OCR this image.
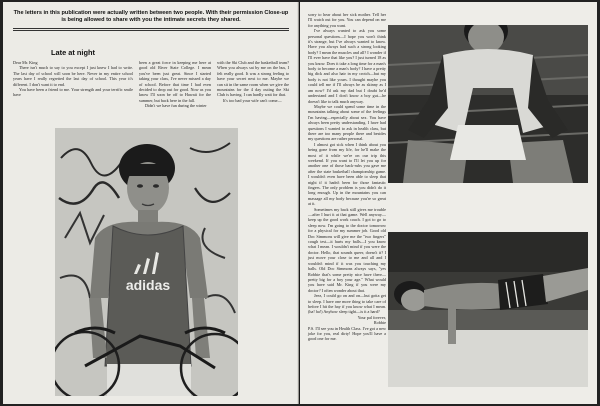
The letters in this publication were actually written between two people. With their permission Close-up is being allowed to share with you the intimate secrets they shared.
Late at night

Dear Mr. King

There isn't much to say to you except I just knew I had to write. The last day of school will soon be here. Never in my entire school years have I really regretted the last day of school. This year it's different. I don't want it to end.

You have been a friend to me. Your strength and your terrific smile have

been a great force in keeping me here at good old River State College. I mean you've been just great. Since I started taking your class, I've never missed a day of school. Before that time I had even decided to drop out for good. Now as you know I'll soon be off to Hawaii for the summer, but back here in the fall.

Didn't we have fun during the winter

with the Ski Club and the basketball team? When you always sat by me on the bus, I felt really good. It was a strong feeling to have your secret next to me. Maybe we can sit in the same room when we give the mountains for the 4 day outing the Ski Club is having. I can hardly wait for that.

It's too bad your wife can't come—

adidas

sorry to hear about her sick mother. Tell her I'll watch out for you. You can depend on me for anything you want.

I've always wanted to ask you some personal questions—I hope you won't think it's strange, but I've always wanted to know. Have you always had such a strong looking body? I mean the muscles and all? I wonder if I'll ever have that like you? I just turned 18 as you know. Does it take a long time for a man's body to become a man's body? I have a pretty big dick and also hair in my crotch—but my body is not like yours. I thought maybe you could tell me if I'll always be as skinny as I am now? I'd ask my dad but I doubt he'd understand and I don't know a boy gut—he doesn't like to talk much anyway.

Maybe we could spend some time in the mountains talking about some of the feelings I'm having—especially about sex. You have always been pretty understanding. I have had questions I wanted to ask in health class, but there are too many people there and besides my questions are rather personal.

I almost got sick when I think about you being gone from my life, for he'll make the most of it while we're on our trip this weekend. If you want to I'll let you up for another one of those back-rubs you gave me after the state basketball championship game. I wouldn't even have been able to sleep that night if it hadn't been for those fantastic fingers. The only problem is you didn't do it long enough. Up in the mountains you can massage all my body because you're so great at it.

Sometimes my back still gives me trouble—after I hurt it at that game. Well anyway—keep up the good work coach. I got to go to sleep now. I'm going to the doctor tomorrow for a physical for my summer job. Good old Doc Simmons will give me the "two fingers" cough test—it hurts my balls—I you know what I mean. I wouldn't mind if you were the doctor. Hello, that sounds queer, doesn't it? I just move your close to me and all and I wouldn't mind if it was you touching my balls. Old Doc Simmons always says, "yes Robbie that's some pretty nice have there—pretty big for a boy your age." What would you have said Mr. King if you were my doctor? I often wonder about that.

Jeez, I could go on and on—but gotta get to sleep. I have one more thing to take care of before I hit the hay if you know what I mean. (ha! ha!) Anyhow sleep tight—is it a hard?

Your pal forever,

Robbie

P.S. I'll see you in Health Class. I've got a new joke for you, real dirty! Hope you'll have a good one for me.
